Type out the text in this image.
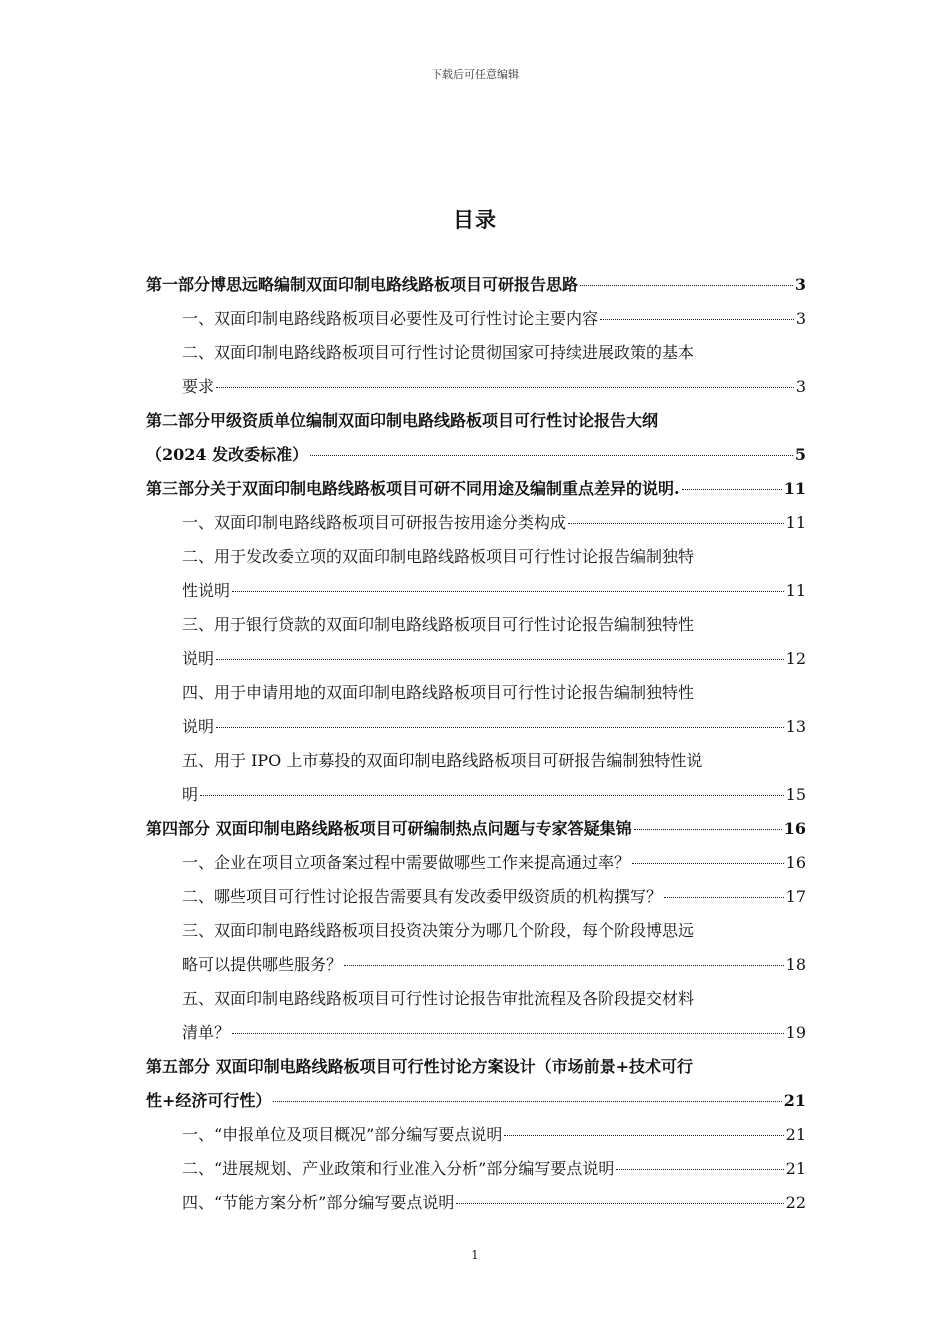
下载后可任意编辑
目录
第一部分博思远略编制双面印制电路线路板项目可研报告思路	3
一、双面印制电路线路板项目必要性及可行性讨论主要内容	3
二、双面印制电路线路板项目可行性讨论贯彻国家可持续进展政策的基本
要求	3
第二部分甲级资质单位编制双面印制电路线路板项目可行性讨论报告大纲
（2024 发改委标准）	5
第三部分关于双面印制电路线路板项目可研不同用途及编制重点差异的说明.	11
一、双面印制电路线路板项目可研报告按用途分类构成	11
二、用于发改委立项的双面印制电路线路板项目可行性讨论报告编制独特
性说明	11
三、用于银行贷款的双面印制电路线路板项目可行性讨论报告编制独特性
说明	12
四、用于申请用地的双面印制电路线路板项目可行性讨论报告编制独特性
说明	13
五、用于 IPO 上市募投的双面印制电路线路板项目可研报告编制独特性说
明	15
第四部分 双面印制电路线路板项目可研编制热点问题与专家答疑集锦	16
一、企业在项目立项备案过程中需要做哪些工作来提高通过率？	16
二、哪些项目可行性讨论报告需要具有发改委甲级资质的机构撰写？	17
三、双面印制电路线路板项目投资决策分为哪几个阶段，每个阶段博思远
略可以提供哪些服务？	18
五、双面印制电路线路板项目可行性讨论报告审批流程及各阶段提交材料
清单？	19
第五部分 双面印制电路线路板项目可行性讨论方案设计（市场前景+技术可行
性+经济可行性）	21
一、“申报单位及项目概况”部分编写要点说明	21
二、“进展规划、产业政策和行业准入分析”部分编写要点说明	21
四、“节能方案分析”部分编写要点说明	22
1
